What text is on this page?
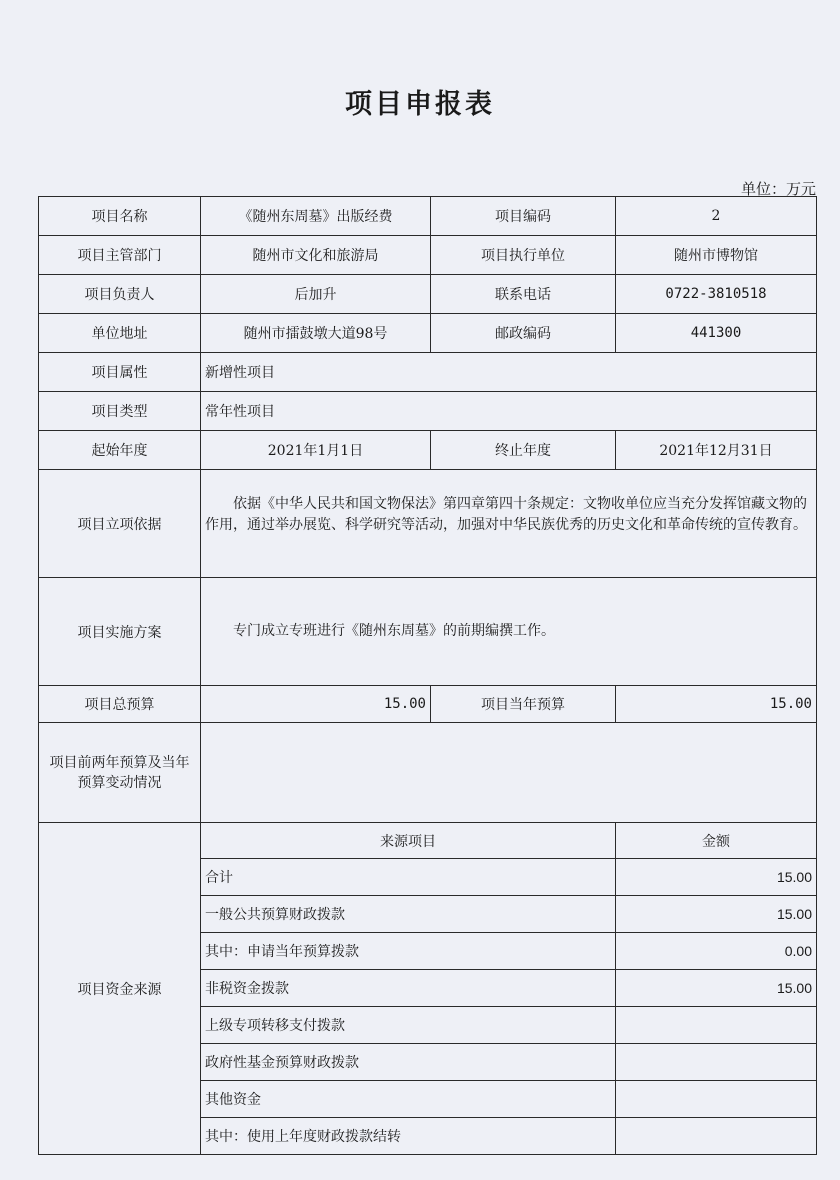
项目申报表
单位：万元
项目名称	《随州东周墓》出版经费	项目编码	2
项目主管部门	随州市文化和旅游局	项目执行单位	随州市博物馆
项目负责人	后加升	联系电话	0722-3810518
单位地址	随州市擂鼓墩大道98号	邮政编码	441300
项目属性	新增性项目		
项目类型	常年性项目		
起始年度	2021年1月1日	终止年度	2021年12月31日
项目立项依据	依据《中华人民共和国文物保法》第四章第四十条规定：文物收单位应当充分发挥馆藏文物的作用，通过举办展览、科学研究等活动，加强对中华民族优秀的历史文化和革命传统的宣传教育。		
项目实施方案	专门成立专班进行《随州东周墓》的前期编撰工作。		
项目总预算	15.00	项目当年预算	15.00
项目前两年预算及当年预算变动情况			
项目资金来源	来源项目		金额
	合计		15.00
	一般公共预算财政拨款		15.00
	其中：申请当年预算拨款		0.00
	非税资金拨款		15.00
	上级专项转移支付拨款		
	政府性基金预算财政拨款		
	其他资金		
	其中：使用上年度财政拨款结转		
